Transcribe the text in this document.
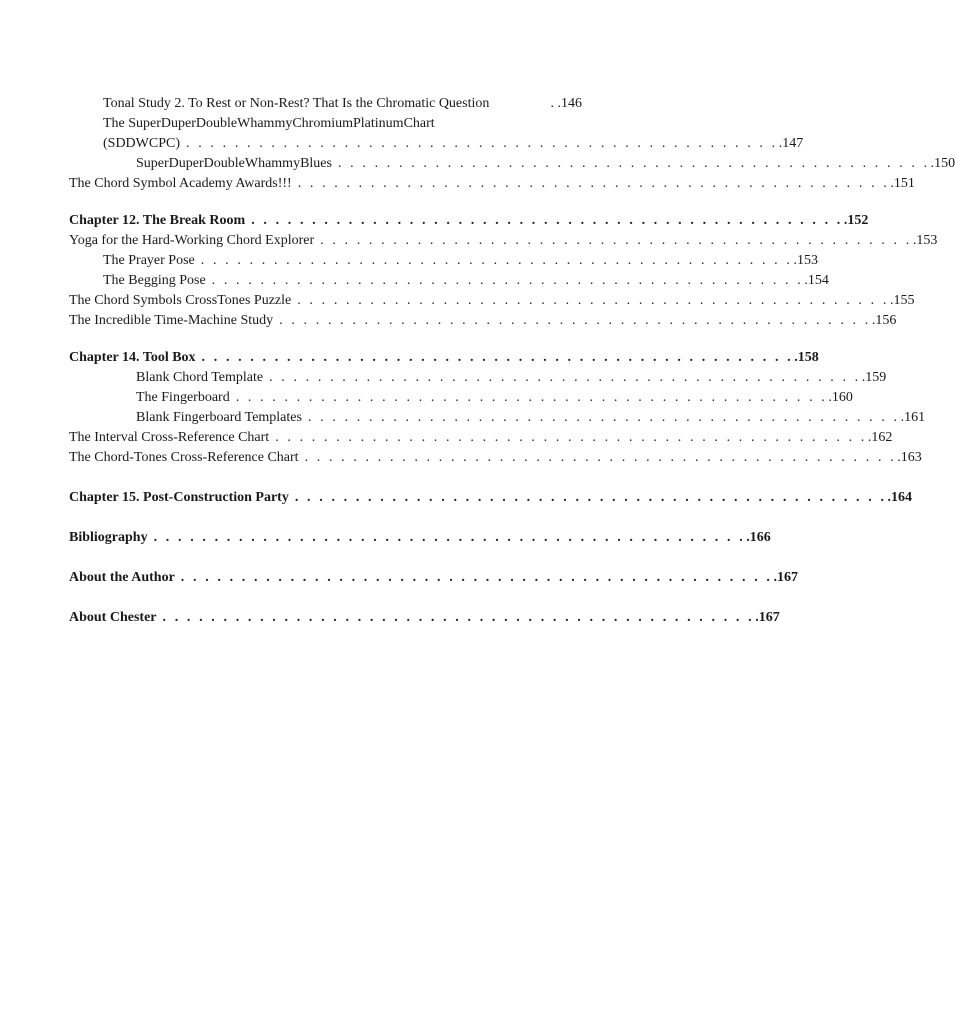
Tonal Study 2. To Rest or Non-Rest? That Is the Chromatic Question	. .146
The SuperDuperDoubleWhammyChromiumPlatinumChart
(SDDWCPC) . . . . . . . . . . . . . . . . . . . . . . . . . . . . . . . . . . . . . . . . . . . . . . . . . .147
SuperDuperDoubleWhammyBlues . . . . . . . . . . . . . . . . . . . . . . . . . . . . . . . . . . . . . . . . . . . . . . . . . .150
The Chord Symbol Academy Awards!!! . . . . . . . . . . . . . . . . . . . . . . . . . . . . . . . . . . . . . . . . . . . . . . . . . .151
Chapter 12. The Break Room . . . . . . . . . . . . . . . . . . . . . . . . . . . . . . . . . . . . . . . . . . . . . . . . . .152
Yoga for the Hard-Working Chord Explorer . . . . . . . . . . . . . . . . . . . . . . . . . . . . . . . . . . . . . . . . . . . . . . . . . .153
The Prayer Pose . . . . . . . . . . . . . . . . . . . . . . . . . . . . . . . . . . . . . . . . . . . . . . . . . .153
The Begging Pose . . . . . . . . . . . . . . . . . . . . . . . . . . . . . . . . . . . . . . . . . . . . . . . . . .154
The Chord Symbols CrossTones Puzzle . . . . . . . . . . . . . . . . . . . . . . . . . . . . . . . . . . . . . . . . . . . . . . . . . .155
The Incredible Time-Machine Study . . . . . . . . . . . . . . . . . . . . . . . . . . . . . . . . . . . . . . . . . . . . . . . . . .156
Chapter 14. Tool Box . . . . . . . . . . . . . . . . . . . . . . . . . . . . . . . . . . . . . . . . . . . . . . . . . .158
Blank Chord Template . . . . . . . . . . . . . . . . . . . . . . . . . . . . . . . . . . . . . . . . . . . . . . . . . .159
The Fingerboard . . . . . . . . . . . . . . . . . . . . . . . . . . . . . . . . . . . . . . . . . . . . . . . . . .160
Blank Fingerboard Templates . . . . . . . . . . . . . . . . . . . . . . . . . . . . . . . . . . . . . . . . . . . . . . . . . .161
The Interval Cross-Reference Chart . . . . . . . . . . . . . . . . . . . . . . . . . . . . . . . . . . . . . . . . . . . . . . . . . .162
The Chord-Tones Cross-Reference Chart . . . . . . . . . . . . . . . . . . . . . . . . . . . . . . . . . . . . . . . . . . . . . . . . . .163
Chapter 15. Post-Construction Party . . . . . . . . . . . . . . . . . . . . . . . . . . . . . . . . . . . . . . . . . . . . . . . . . .164
Bibliography . . . . . . . . . . . . . . . . . . . . . . . . . . . . . . . . . . . . . . . . . . . . . . . . . .166
About the Author . . . . . . . . . . . . . . . . . . . . . . . . . . . . . . . . . . . . . . . . . . . . . . . . . .167
About Chester . . . . . . . . . . . . . . . . . . . . . . . . . . . . . . . . . . . . . . . . . . . . . . . . . .167
